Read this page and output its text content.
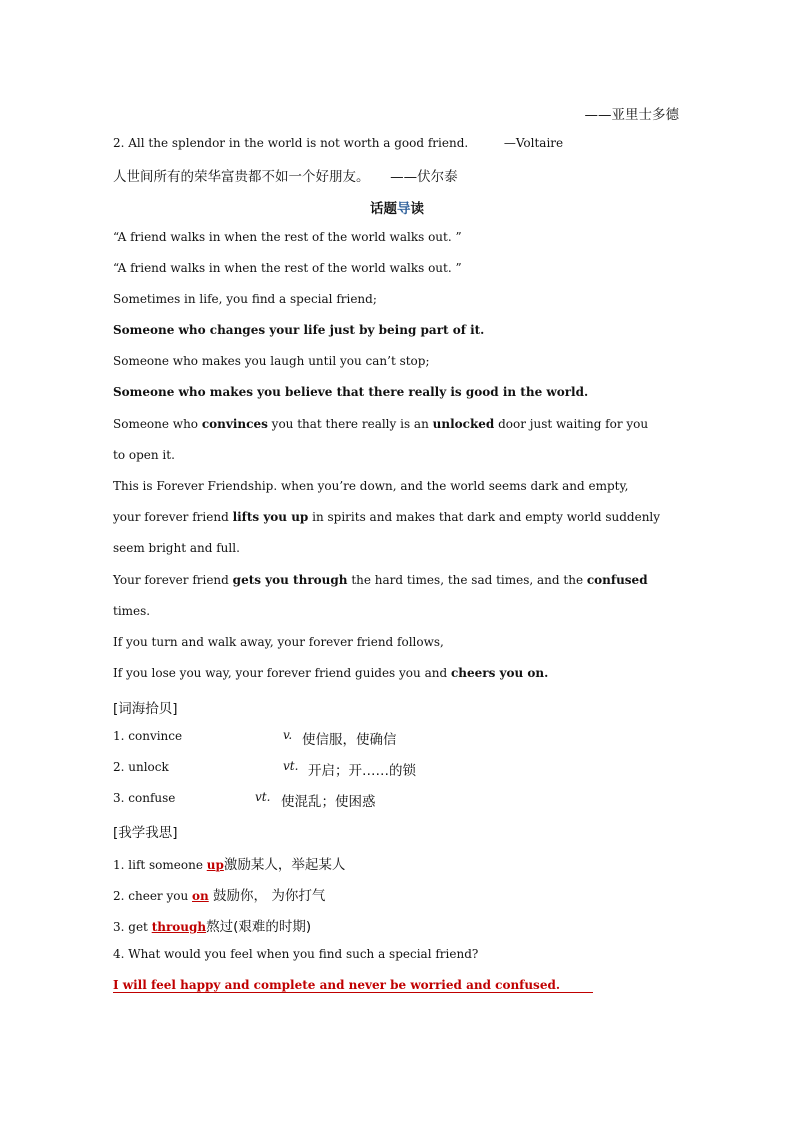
——亚里士多德
2. All the splendor in the world is not worth a good friend.	—Voltaire
人世间所有的荣华富贵都不如一个好朋友。 ——伏尔泰
话题导读
“A friend walks in when the rest of the world walks out. ”
“A friend walks in when the rest of the world walks out. ”
Sometimes in life, you find a special friend;
Someone who changes your life just by being part of it.
Someone who makes you laugh until you can’t stop;
Someone who makes you believe that there really is good in the world.
Someone who convinces you that there really is an unlocked door just waiting for you
to open it.
This is Forever Friendship. when you’re down, and the world seems dark and empty,
your forever friend lifts you up in spirits and makes that dark and empty world suddenly
seem bright and full.
Your forever friend gets you through the hard times, the sad times, and the confused
times.
If you turn and walk away, your forever friend follows,
If you lose you way, your forever friend guides you and cheers you on.
[词海拾贝]
1. convince	v. 使信服，使确信
2. unlock	vt. 开启；开……的锁
3. confuse	vt. 使混乱；使困惑
[我学我思]
1. lift someone up激励某人，举起某人
2. cheer you on 鼓励你， 为你打气
3. get through熬过(艰难的时期)
4. What would you feel when you find such a special friend?
I will feel happy and complete and never be worried and confused.
